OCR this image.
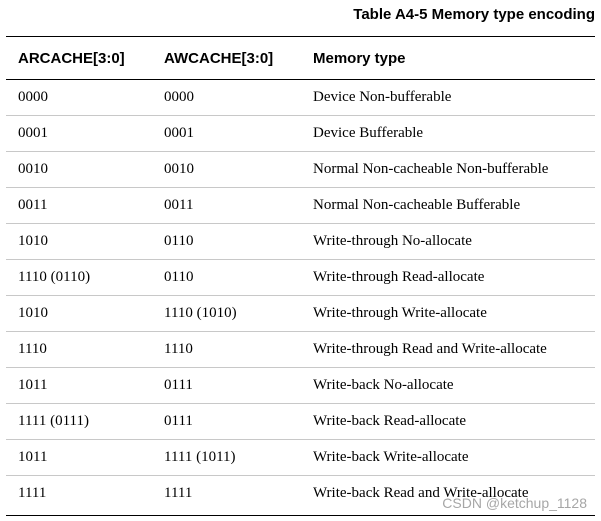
Table A4-5 Memory type encoding
ARCACHE[3:0]	AWCACHE[3:0]	Memory type
0000	0000	Device Non-bufferable
0001	0001	Device Bufferable
0010	0010	Normal Non-cacheable Non-bufferable
0011	0011	Normal Non-cacheable Bufferable
1010	0110	Write-through No-allocate
1110 (0110)	0110	Write-through Read-allocate
1010	1110 (1010)	Write-through Write-allocate
1110	1110	Write-through Read and Write-allocate
1011	0111	Write-back No-allocate
1111 (0111)	0111	Write-back Read-allocate
1011	1111 (1011)	Write-back Write-allocate
1111	1111	Write-back Read and Write-allocate
CSDN @ketchup_1128
